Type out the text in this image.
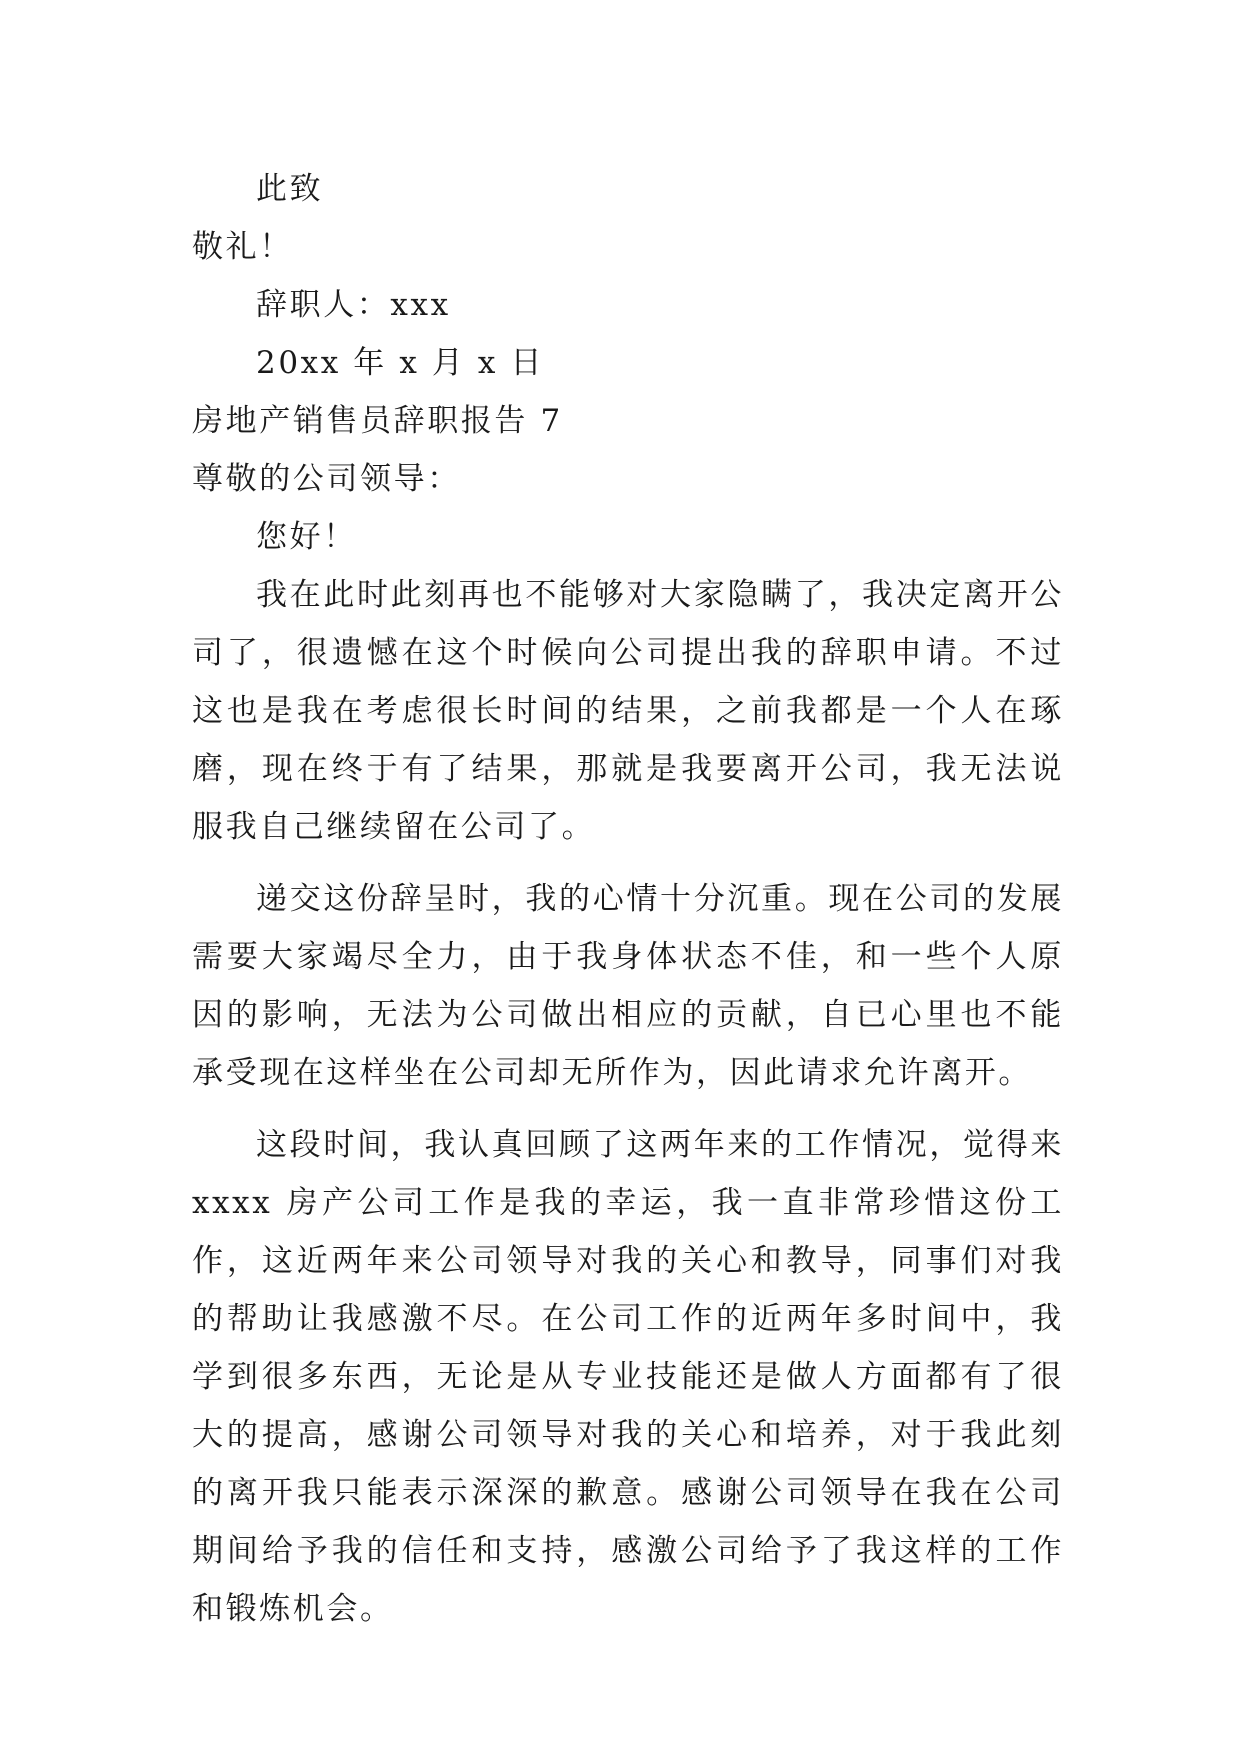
此致
敬礼！
辞职人：xxx
20xx 年 x 月 x 日
房地产销售员辞职报告 7
尊敬的公司领导：
您好！
我在此时此刻再也不能够对大家隐瞒了，我决定离开公司了，很遗憾在这个时候向公司提出我的辞职申请。不过这也是我在考虑很长时间的结果，之前我都是一个人在琢磨，现在终于有了结果，那就是我要离开公司，我无法说服我自己继续留在公司了。
递交这份辞呈时，我的心情十分沉重。现在公司的发展需要大家竭尽全力，由于我身体状态不佳，和一些个人原因的影响，无法为公司做出相应的贡献，自已心里也不能承受现在这样坐在公司却无所作为，因此请求允许离开。
这段时间，我认真回顾了这两年来的工作情况，觉得来 xxxx 房产公司工作是我的幸运，我一直非常珍惜这份工作，这近两年来公司领导对我的关心和教导，同事们对我的帮助让我感激不尽。在公司工作的近两年多时间中，我学到很多东西，无论是从专业技能还是做人方面都有了很大的提高，感谢公司领导对我的关心和培养，对于我此刻的离开我只能表示深深的歉意。感谢公司领导在我在公司期间给予我的信任和支持，感激公司给予了我这样的工作和锻炼机会。
